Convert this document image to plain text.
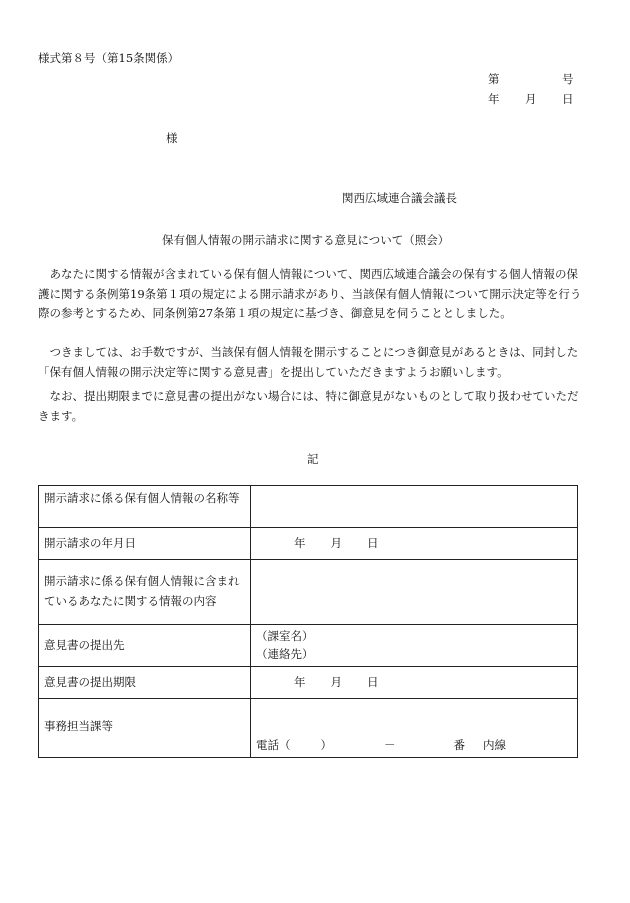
様式第８号（第15条関係）
第	号
年 月 日
様
関西広域連合議会議長
保有個人情報の開示請求に関する意見について（照会）
あなたに関する情報が含まれている保有個人情報について、関西広域連合議会の保有する個人情報の保護に関する条例第19条第１項の規定による開示請求があり、当該保有個人情報について開示決定等を行う際の参考とするため、同条例第27条第１項の規定に基づき、御意見を伺うこととしました。
つきましては、お手数ですが、当該保有個人情報を開示することにつき御意見があるときは、同封した「保有個人情報の開示決定等に関する意見書」を提出していただきますようお願いします。
なお、提出期限までに意見書の提出がない場合には、特に御意見がないものとして取り扱わせていただきます。
記
開示請求に係る保有個人情報の名称等	
開示請求の年月日	年 月 日
開示請求に係る保有個人情報に含まれているあなたに関する情報の内容	
意見書の提出先	（課室名）
（連絡先）

意見書の提出期限	年 月 日
事務担当課等	電話（ ） － 番 内線
